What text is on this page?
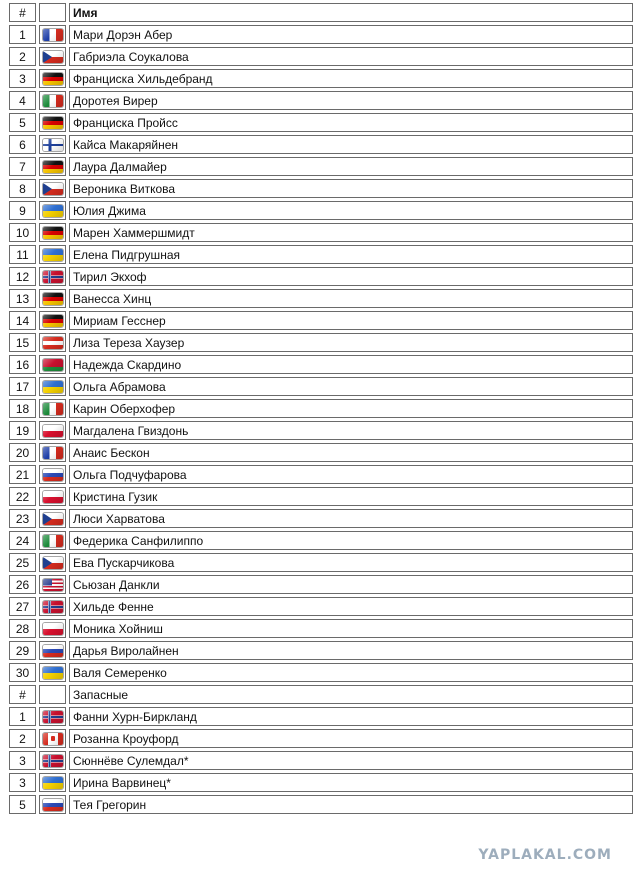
#		Имя
1		Мари Дорэн Абер
2		Габриэла Соукалова
3		Франциска Хильдебранд
4		Доротея Вирер
5		Франциска Пройсс
6		Кайса Макаряйнен
7		Лаура Далмайер
8		Вероника Виткова
9		Юлия Джима
10		Марен Хаммершмидт
11		Елена Пидгрушная
12		Тирил Экхоф
13		Ванесса Хинц
14		Мириам Гесснер
15		Лиза Тереза Хаузер
16		Надежда Скардино
17		Ольга Абрамова
18		Карин Оберхофер
19		Магдалена Гвиздонь
20		Анаис Бескон
21		Ольга Подчуфарова
22		Кристина Гузик
23		Люси Харватова
24		Федерика Санфилиппо
25		Ева Пускарчикова
26		Сьюзан Данкли
27		Хильде Фенне
28		Моника Хойниш
29		Дарья Виролайнен
30		Валя Семеренко
#		Запасные
1		Фанни Хурн-Биркланд
2		Розанна Кроуфорд
3		Сюннёве Сулемдал*
3		Ирина Варвинец*
5		Тея Грегорин
YAPLAKAL.COM
